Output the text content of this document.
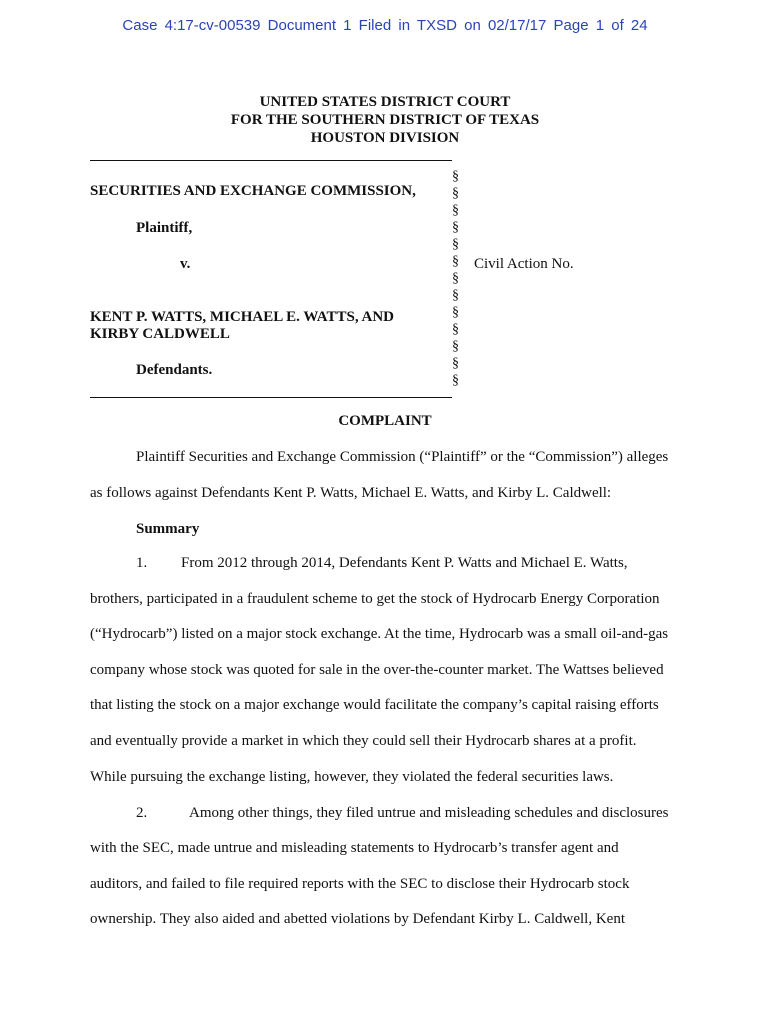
Case 4:17-cv-00539 Document 1 Filed in TXSD on 02/17/17 Page 1 of 24
UNITED STATES DISTRICT COURT
FOR THE SOUTHERN DISTRICT OF TEXAS
HOUSTON DIVISION
SECURITIES AND EXCHANGE COMMISSION,
Plaintiff,
v.	Civil Action No.
KENT P. WATTS, MICHAEL E. WATTS, AND
KIRBY CALDWELL
Defendants.
§
§
§
§
§
§
§
§
§
§
§
§
§
COMPLAINT
Plaintiff Securities and Exchange Commission (“Plaintiff” or the “Commission”) alleges
as follows against Defendants Kent P. Watts, Michael E. Watts, and Kirby L. Caldwell:
Summary
1. From 2012 through 2014, Defendants Kent P. Watts and Michael E. Watts,
brothers, participated in a fraudulent scheme to get the stock of Hydrocarb Energy Corporation
(“Hydrocarb”) listed on a major stock exchange. At the time, Hydrocarb was a small oil-and-gas
company whose stock was quoted for sale in the over-the-counter market. The Wattses believed
that listing the stock on a major exchange would facilitate the company’s capital raising efforts
and eventually provide a market in which they could sell their Hydrocarb shares at a profit.
While pursuing the exchange listing, however, they violated the federal securities laws.
2.	Among other things, they filed untrue and misleading schedules and disclosures
with the SEC, made untrue and misleading statements to Hydrocarb’s transfer agent and
auditors, and failed to file required reports with the SEC to disclose their Hydrocarb stock
ownership. They also aided and abetted violations by Defendant Kirby L. Caldwell, Kent
